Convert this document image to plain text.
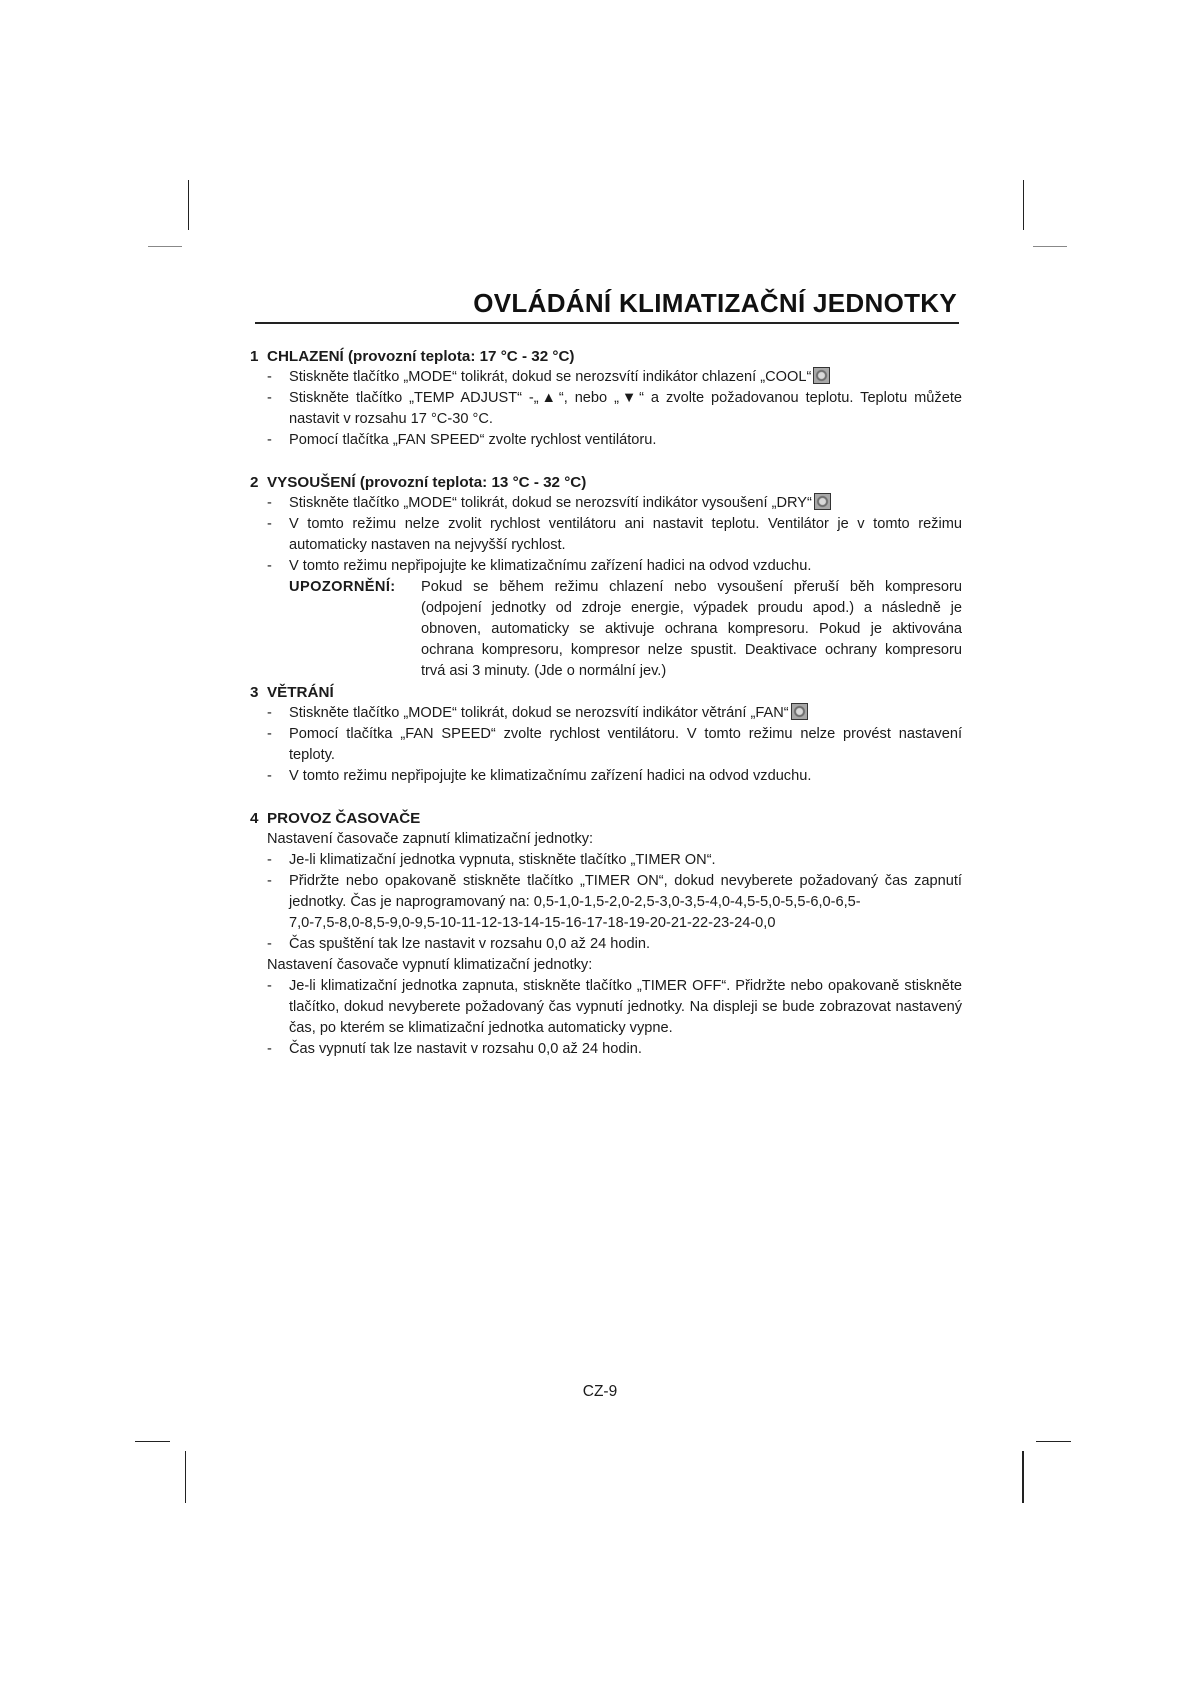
OVLÁDÁNÍ KLIMATIZAČNÍ JEDNOTKY
1 CHLAZENÍ (provozní teplota: 17 °C - 32 °C)
-	Stiskněte tlačítko „MODE“ tolikrát, dokud se nerozsvítí indikátor chlazení „COOL“
-	Stiskněte tlačítko „TEMP ADJUST“ -„▲“, nebo „▼“ a zvolte požadovanou teplotu. Teplotu můžete nastavit v rozsahu 17 °C-30 °C.
-	Pomocí tlačítka „FAN SPEED“ zvolte rychlost ventilátoru.
2 VYSOUŠENÍ (provozní teplota: 13 °C - 32 °C)
-	Stiskněte tlačítko „MODE“ tolikrát, dokud se nerozsvítí indikátor vysoušení „DRY“
-	V tomto režimu nelze zvolit rychlost ventilátoru ani nastavit teplotu. Ventilátor je v tomto režimu automaticky nastaven na nejvyšší rychlost.
-	V tomto režimu nepřipojujte ke klimatizačnímu zařízení hadici na odvod vzduchu.
UPOZORNĚNÍ:	Pokud se během režimu chlazení nebo vysoušení přeruší běh kompresoru (odpojení jednotky od zdroje energie, výpadek proudu apod.) a následně je obnoven, automaticky se aktivuje ochrana kompresoru. Pokud je aktivována ochrana kompresoru, kompresor nelze spustit. Deaktivace ochrany kompresoru trvá asi 3 minuty. (Jde o normální jev.)
3 VĚTRÁNÍ
-	Stiskněte tlačítko „MODE“ tolikrát, dokud se nerozsvítí indikátor větrání „FAN“
-	Pomocí tlačítka „FAN SPEED“ zvolte rychlost ventilátoru. V tomto režimu nelze provést nastavení teploty.
-	V tomto režimu nepřipojujte ke klimatizačnímu zařízení hadici na odvod vzduchu.
4 PROVOZ ČASOVAČE
Nastavení časovače zapnutí klimatizační jednotky:
-	Je-li klimatizační jednotka vypnuta, stiskněte tlačítko „TIMER ON“.
-	Přidržte nebo opakovaně stiskněte tlačítko „TIMER ON“, dokud nevyberete požadovaný čas zapnutí jednotky. Čas je naprogramovaný na: 0,5-1,0-1,5-2,0-2,5-3,0-3,5-4,0-4,5-5,0-5,5-6,0-6,5-
7,0-7,5-8,0-8,5-9,0-9,5-10-11-12-13-14-15-16-17-18-19-20-21-22-23-24-0,0
-	Čas spuštění tak lze nastavit v rozsahu 0,0 až 24 hodin.
Nastavení časovače vypnutí klimatizační jednotky:
-	Je-li klimatizační jednotka zapnuta, stiskněte tlačítko „TIMER OFF“. Přidržte nebo opakovaně stiskněte tlačítko, dokud nevyberete požadovaný čas vypnutí jednotky. Na displeji se bude zobrazovat nastavený čas, po kterém se klimatizační jednotka automaticky vypne.
-	Čas vypnutí tak lze nastavit v rozsahu 0,0 až 24 hodin.
CZ-9
